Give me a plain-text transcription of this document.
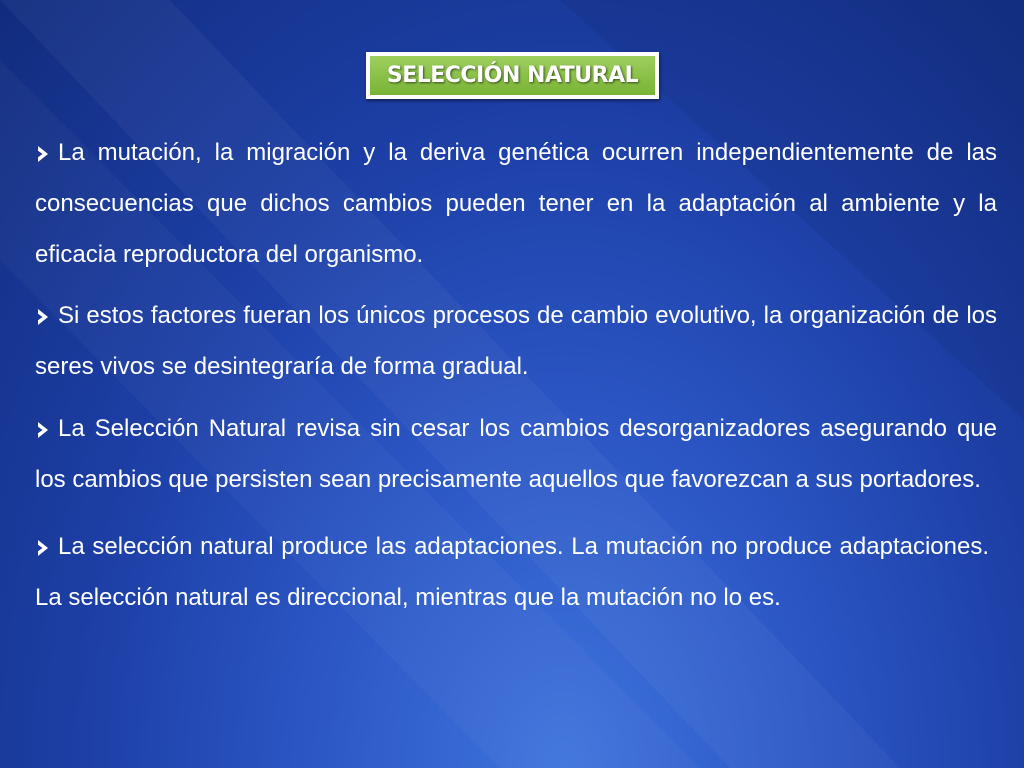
SELECCIÓN NATURAL

La mutación, la migración y la deriva genética ocurren independientemente de las consecuencias que dichos cambios pueden tener en la adaptación al ambiente y la eficacia reproductora del organismo.

Si estos factores fueran los únicos procesos de cambio evolutivo, la organización de los seres vivos se desintegraría de forma gradual.

La Selección Natural revisa sin cesar los cambios desorganizadores asegurando que los cambios que persisten sean precisamente aquellos que favorezcan a sus portadores.

La selección natural produce las adaptaciones. La mutación no produce adaptaciones. La selección natural es direccional, mientras que la mutación no lo es.
